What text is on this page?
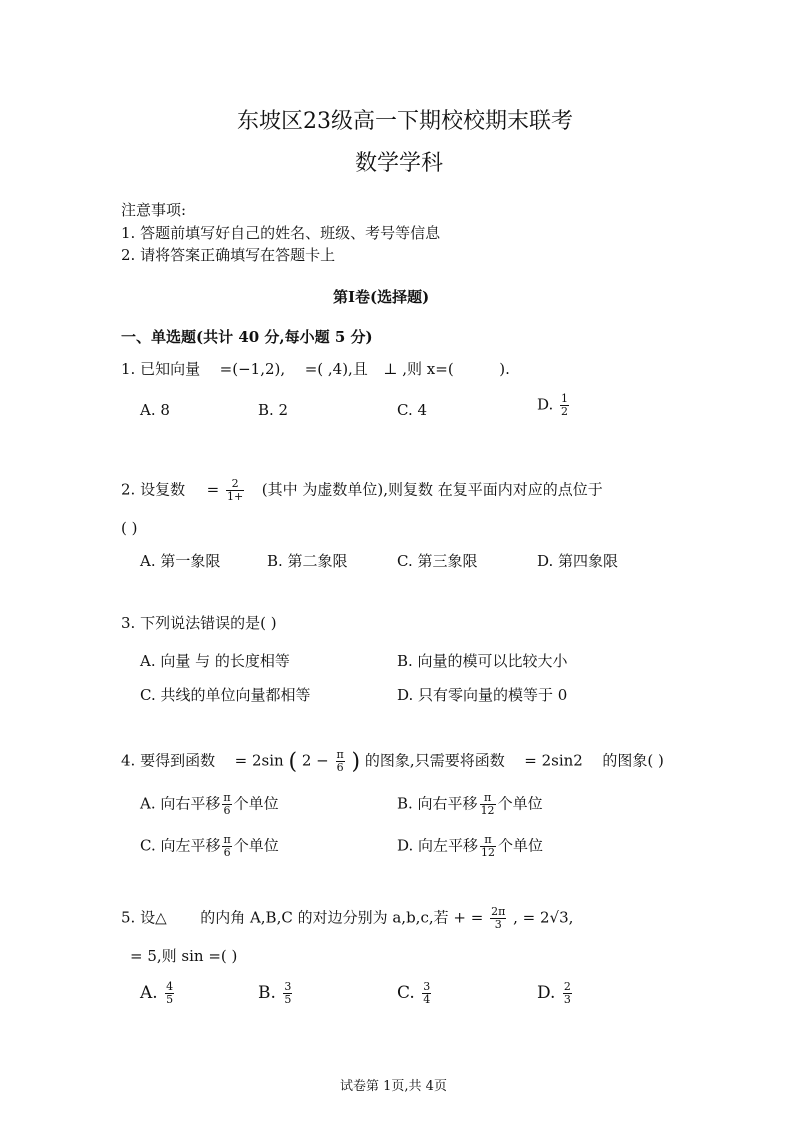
东坡区23级高一下期校校期末联考
数学学科
注意事项:
1. 答题前填写好自己的姓名、班级、考号等信息
2. 请将答案正确填写在答题卡上
第Ⅰ卷(选择题)
一、单选题(共计 40 分,每小题 5 分)
1. 已知向量 =(−1,2), =( ,4),且 ⊥ ,则 x=(	).
A. 8	B. 2	C. 4	D. $\frac{1}{2}$
2. 设复数 = $\frac{2}{1+}$ (其中 为虚数单位),则复数 在复平面内对应的点位于
( )
A. 第一象限	B. 第二象限	C. 第三象限	D. 第四象限
3. 下列说法错误的是( )
A. 向量 与 的长度相等	B. 向量的模可以比较大小
C. 共线的单位向量都相等	D. 只有零向量的模等于 0
4. 要得到函数 = 2sin ( $2 - \frac{\pi}{6}$ ) 的图象,只需要将函数 = 2sin2 的图象( )
A. 向右平移 $\frac{\pi}{6}$ 个单位	B. 向右平移 $\frac{\pi}{12}$ 个单位
C. 向左平移 $\frac{\pi}{6}$ 个单位	D. 向左平移 $\frac{\pi}{12}$ 个单位
5. 设△ 的内角 A,B,C 的对边分别为 a,b,c,若 + = $\frac{2\pi}{3}$ , = 2√3,
= 5,则 sin =( )
A. $\frac{4}{5}$	B. $\frac{3}{5}$	C. $\frac{3}{4}$	D. $\frac{2}{3}$
试卷第 1页,共 4页
